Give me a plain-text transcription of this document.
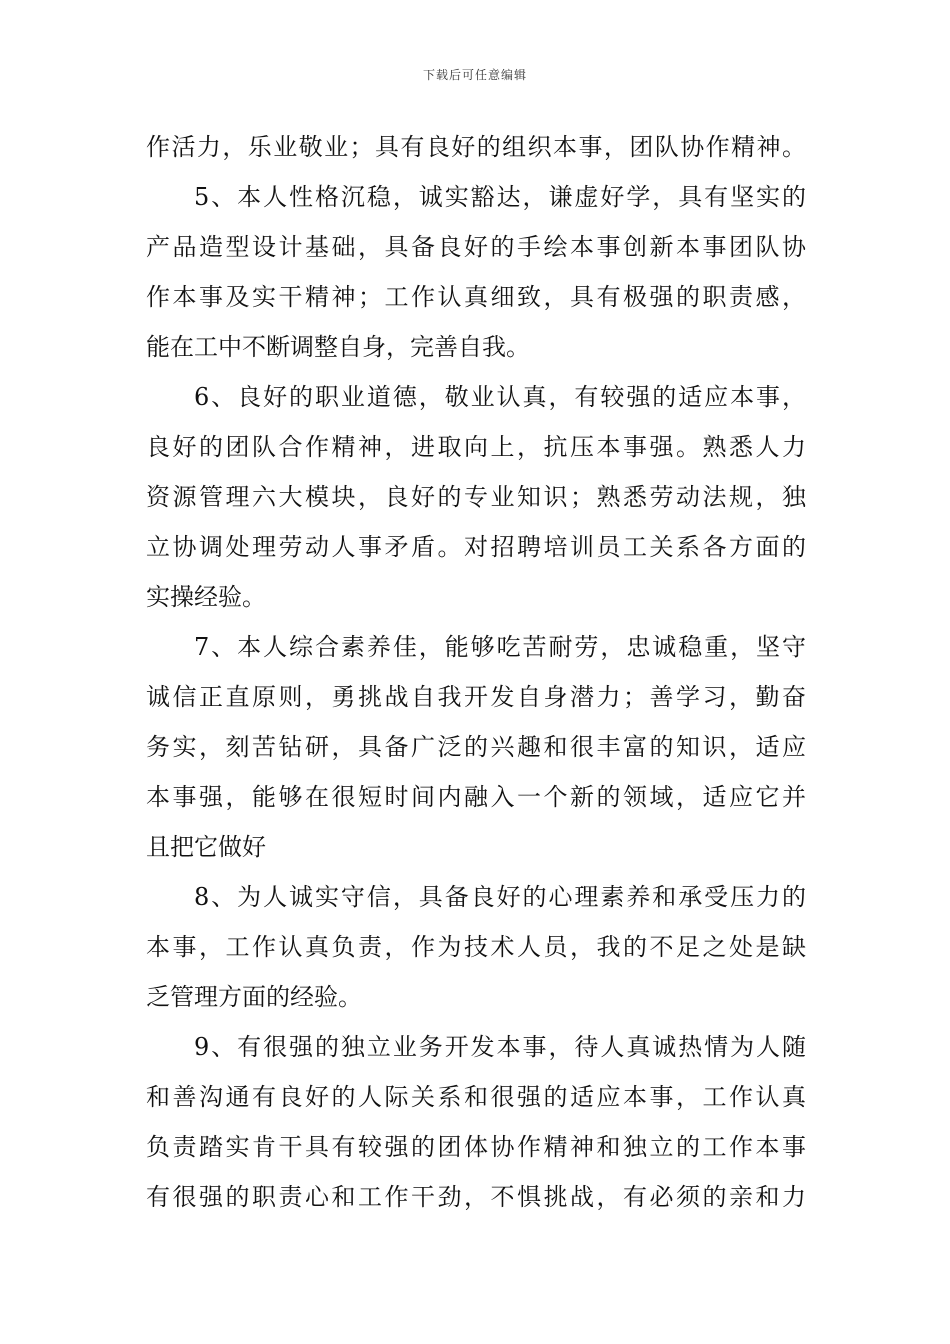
下载后可任意编辑
作活力，乐业敬业；具有良好的组织本事，团队协作精神。
5、本人性格沉稳，诚实豁达，谦虚好学，具有坚实的
产品造型设计基础，具备良好的手绘本事创新本事团队协
作本事及实干精神；工作认真细致，具有极强的职责感，
能在工中不断调整自身，完善自我。
6、良好的职业道德，敬业认真，有较强的适应本事，
良好的团队合作精神，进取向上，抗压本事强。熟悉人力
资源管理六大模块，良好的专业知识；熟悉劳动法规，独
立协调处理劳动人事矛盾。对招聘培训员工关系各方面的
实操经验。
7、本人综合素养佳，能够吃苦耐劳，忠诚稳重，坚守
诚信正直原则，勇挑战自我开发自身潜力；善学习，勤奋
务实，刻苦钻研，具备广泛的兴趣和很丰富的知识，适应
本事强，能够在很短时间内融入一个新的领域，适应它并
且把它做好
8、为人诚实守信，具备良好的心理素养和承受压力的
本事，工作认真负责，作为技术人员，我的不足之处是缺
乏管理方面的经验。
9、有很强的独立业务开发本事，待人真诚热情为人随
和善沟通有良好的人际关系和很强的适应本事，工作认真
负责踏实肯干具有较强的团体协作精神和独立的工作本事
有很强的职责心和工作干劲，不惧挑战，有必须的亲和力
